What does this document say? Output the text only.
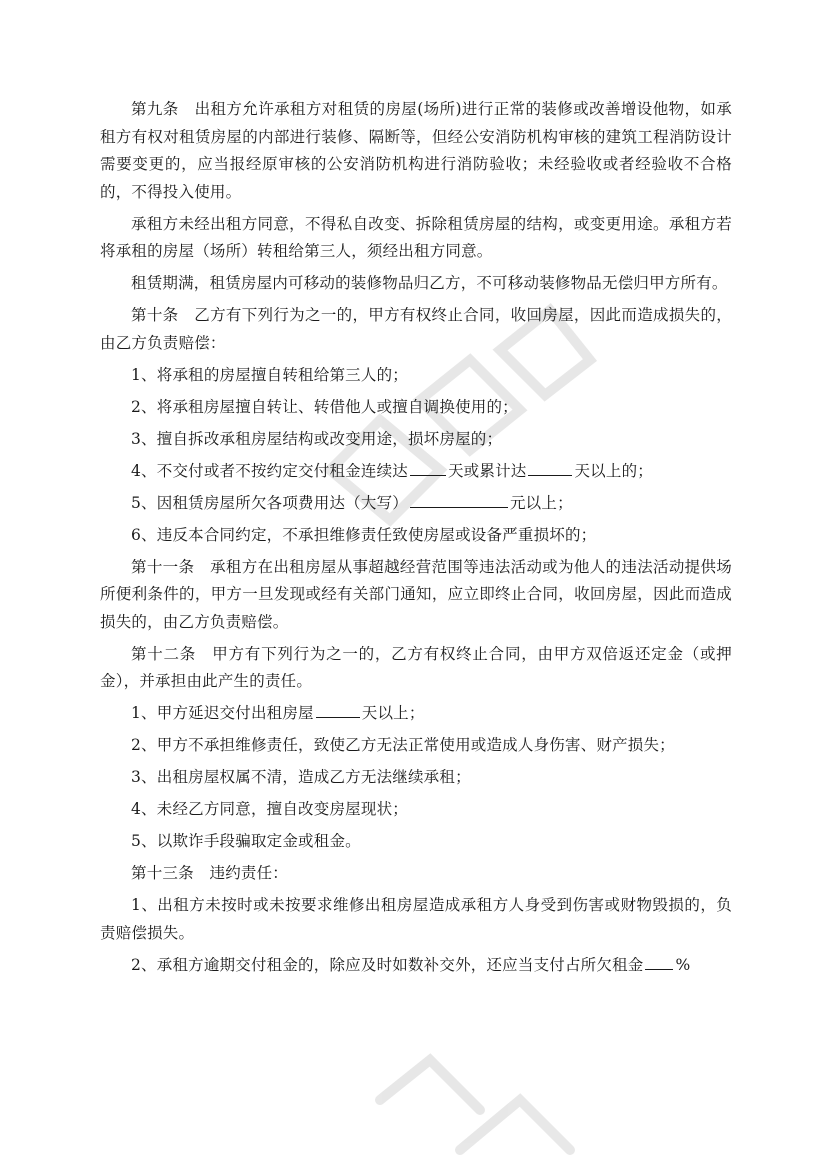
第九条　出租方允许承租方对租赁的房屋(场所)进行正常的装修或改善增设他物，如承租方有权对租赁房屋的内部进行装修、隔断等，但经公安消防机构审核的建筑工程消防设计需要变更的，应当报经原审核的公安消防机构进行消防验收；未经验收或者经验收不合格的，不得投入使用。

承租方未经出租方同意，不得私自改变、拆除租赁房屋的结构，或变更用途。承租方若将承租的房屋（场所）转租给第三人，须经出租方同意。

租赁期满，租赁房屋内可移动的装修物品归乙方，不可移动装修物品无偿归甲方所有。

第十条　乙方有下列行为之一的，甲方有权终止合同，收回房屋，因此而造成损失的，由乙方负责赔偿：

1、将承租的房屋擅自转租给第三人的；

2、将承租房屋擅自转让、转借他人或擅自调换使用的；

3、擅自拆改承租房屋结构或改变用途，损坏房屋的；

4、不交付或者不按约定交付租金连续达	天或累计达	天以上的；

5、因租赁房屋所欠各项费用达（大写）	元以上；

6、违反本合同约定，不承担维修责任致使房屋或设备严重损坏的；

第十一条　承租方在出租房屋从事超越经营范围等违法活动或为他人的违法活动提供场所便利条件的，甲方一旦发现或经有关部门通知，应立即终止合同，收回房屋，因此而造成损失的，由乙方负责赔偿。

第十二条　甲方有下列行为之一的，乙方有权终止合同，由甲方双倍返还定金（或押金），并承担由此产生的责任。

1、甲方延迟交付出租房屋	天以上；

2、甲方不承担维修责任，致使乙方无法正常使用或造成人身伤害、财产损失；

3、出租房屋权属不清，造成乙方无法继续承租；

4、未经乙方同意，擅自改变房屋现状；

5、以欺诈手段骗取定金或租金。

第十三条　违约责任：

1、出租方未按时或未按要求维修出租房屋造成承租方人身受到伤害或财物毁损的，负责赔偿损失。

2、承租方逾期交付租金的，除应及时如数补交外，还应当支付占所欠租金 %
